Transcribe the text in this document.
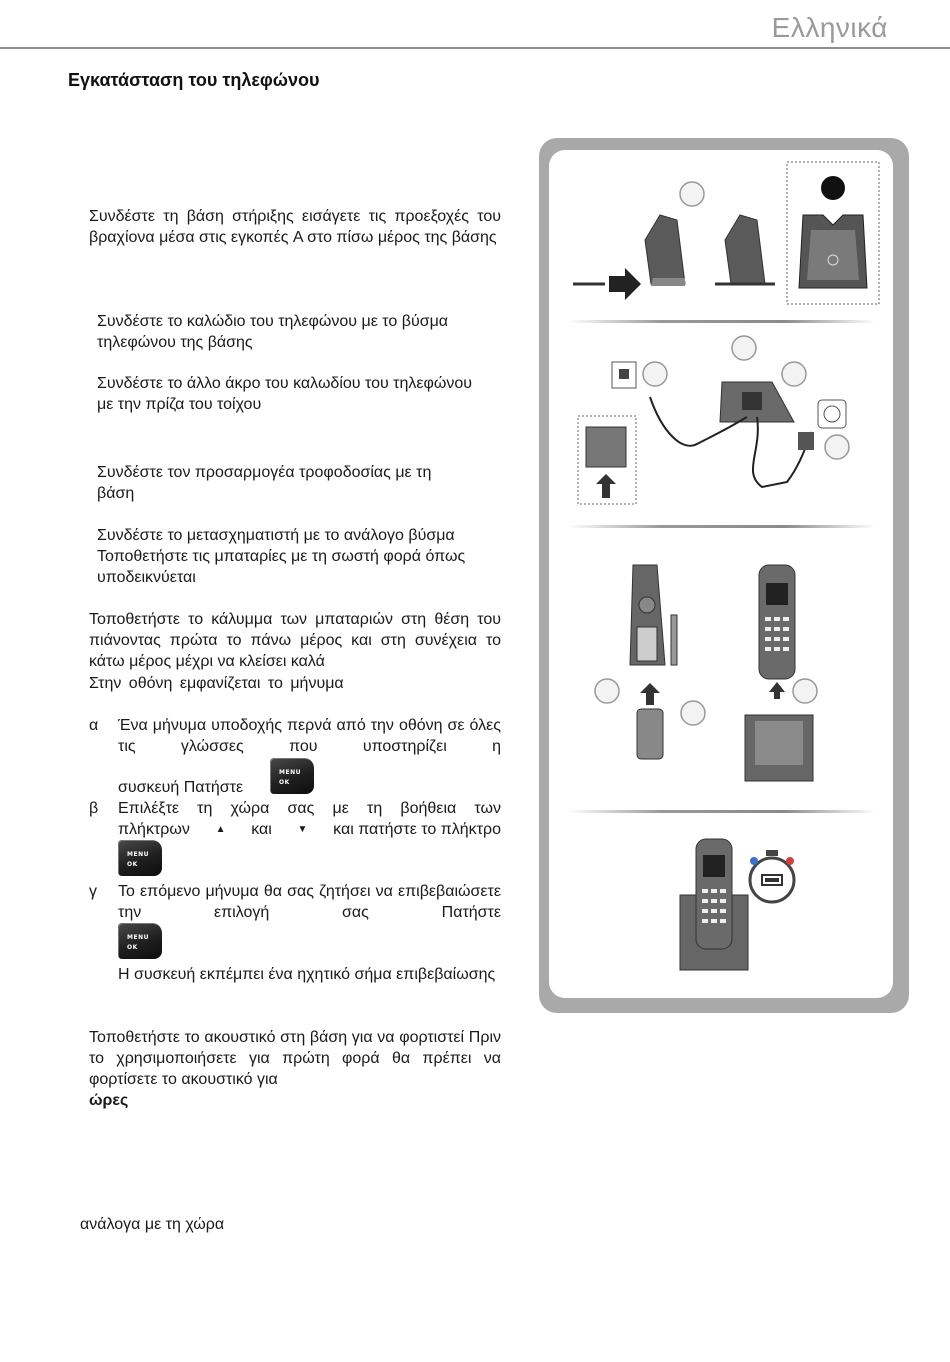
Ελληνικά
Εγκατάσταση του τηλεφώνου
Συνδέστε τη βάση στήριξης εισάγετε τις προεξοχές του βραχίονα μέσα στις εγκοπές A στο πίσω μέρος της βάσης
Συνδέστε το καλώδιο του τηλεφώνου με το βύσμα
τηλεφώνου της βάσης
Συνδέστε το άλλο άκρο του καλωδίου του τηλεφώνου
με την πρίζα του τοίχου
Συνδέστε τον προσαρμογέα τροφοδοσίας με τη
βάση
Συνδέστε το μετασχηματιστή με το ανάλογο βύσμα
Τοποθετήστε τις μπαταρίες με τη σωστή φορά όπως
υποδεικνύεται
Τοποθετήστε το κάλυμμα των μπαταριών στη θέση του πιάνοντας πρώτα το πάνω μέρος και στη συνέχεια το κάτω μέρος μέχρι να κλείσει καλά
Στην οθόνη εμφανίζεται το μήνυμα
α Ένα μήνυμα υποδοχής περνά από την οθόνη σε όλες τις γλώσσες που υποστηρίζει η
συσκευή Πατήστε
MENU
OK
β Επιλέξτε τη χώρα σας με τη βοήθεια των
πλήκτρων	▲ και	▼ και πατήστε το πλήκτρο
MENU
OK
γ Το επόμενο μήνυμα θα σας ζητήσει να επιβεβαιώσετε την επιλογή σας Πατήστε
MENU
OK
Η συσκευή εκπέμπει ένα ηχητικό σήμα επιβεβαίωσης
Τοποθετήστε το ακουστικό στη βάση για να φορτιστεί Πριν το χρησιμοποιήσετε για πρώτη φορά θα πρέπει να φορτίσετε το ακουστικό για
ώρες
ανάλογα με τη χώρα
